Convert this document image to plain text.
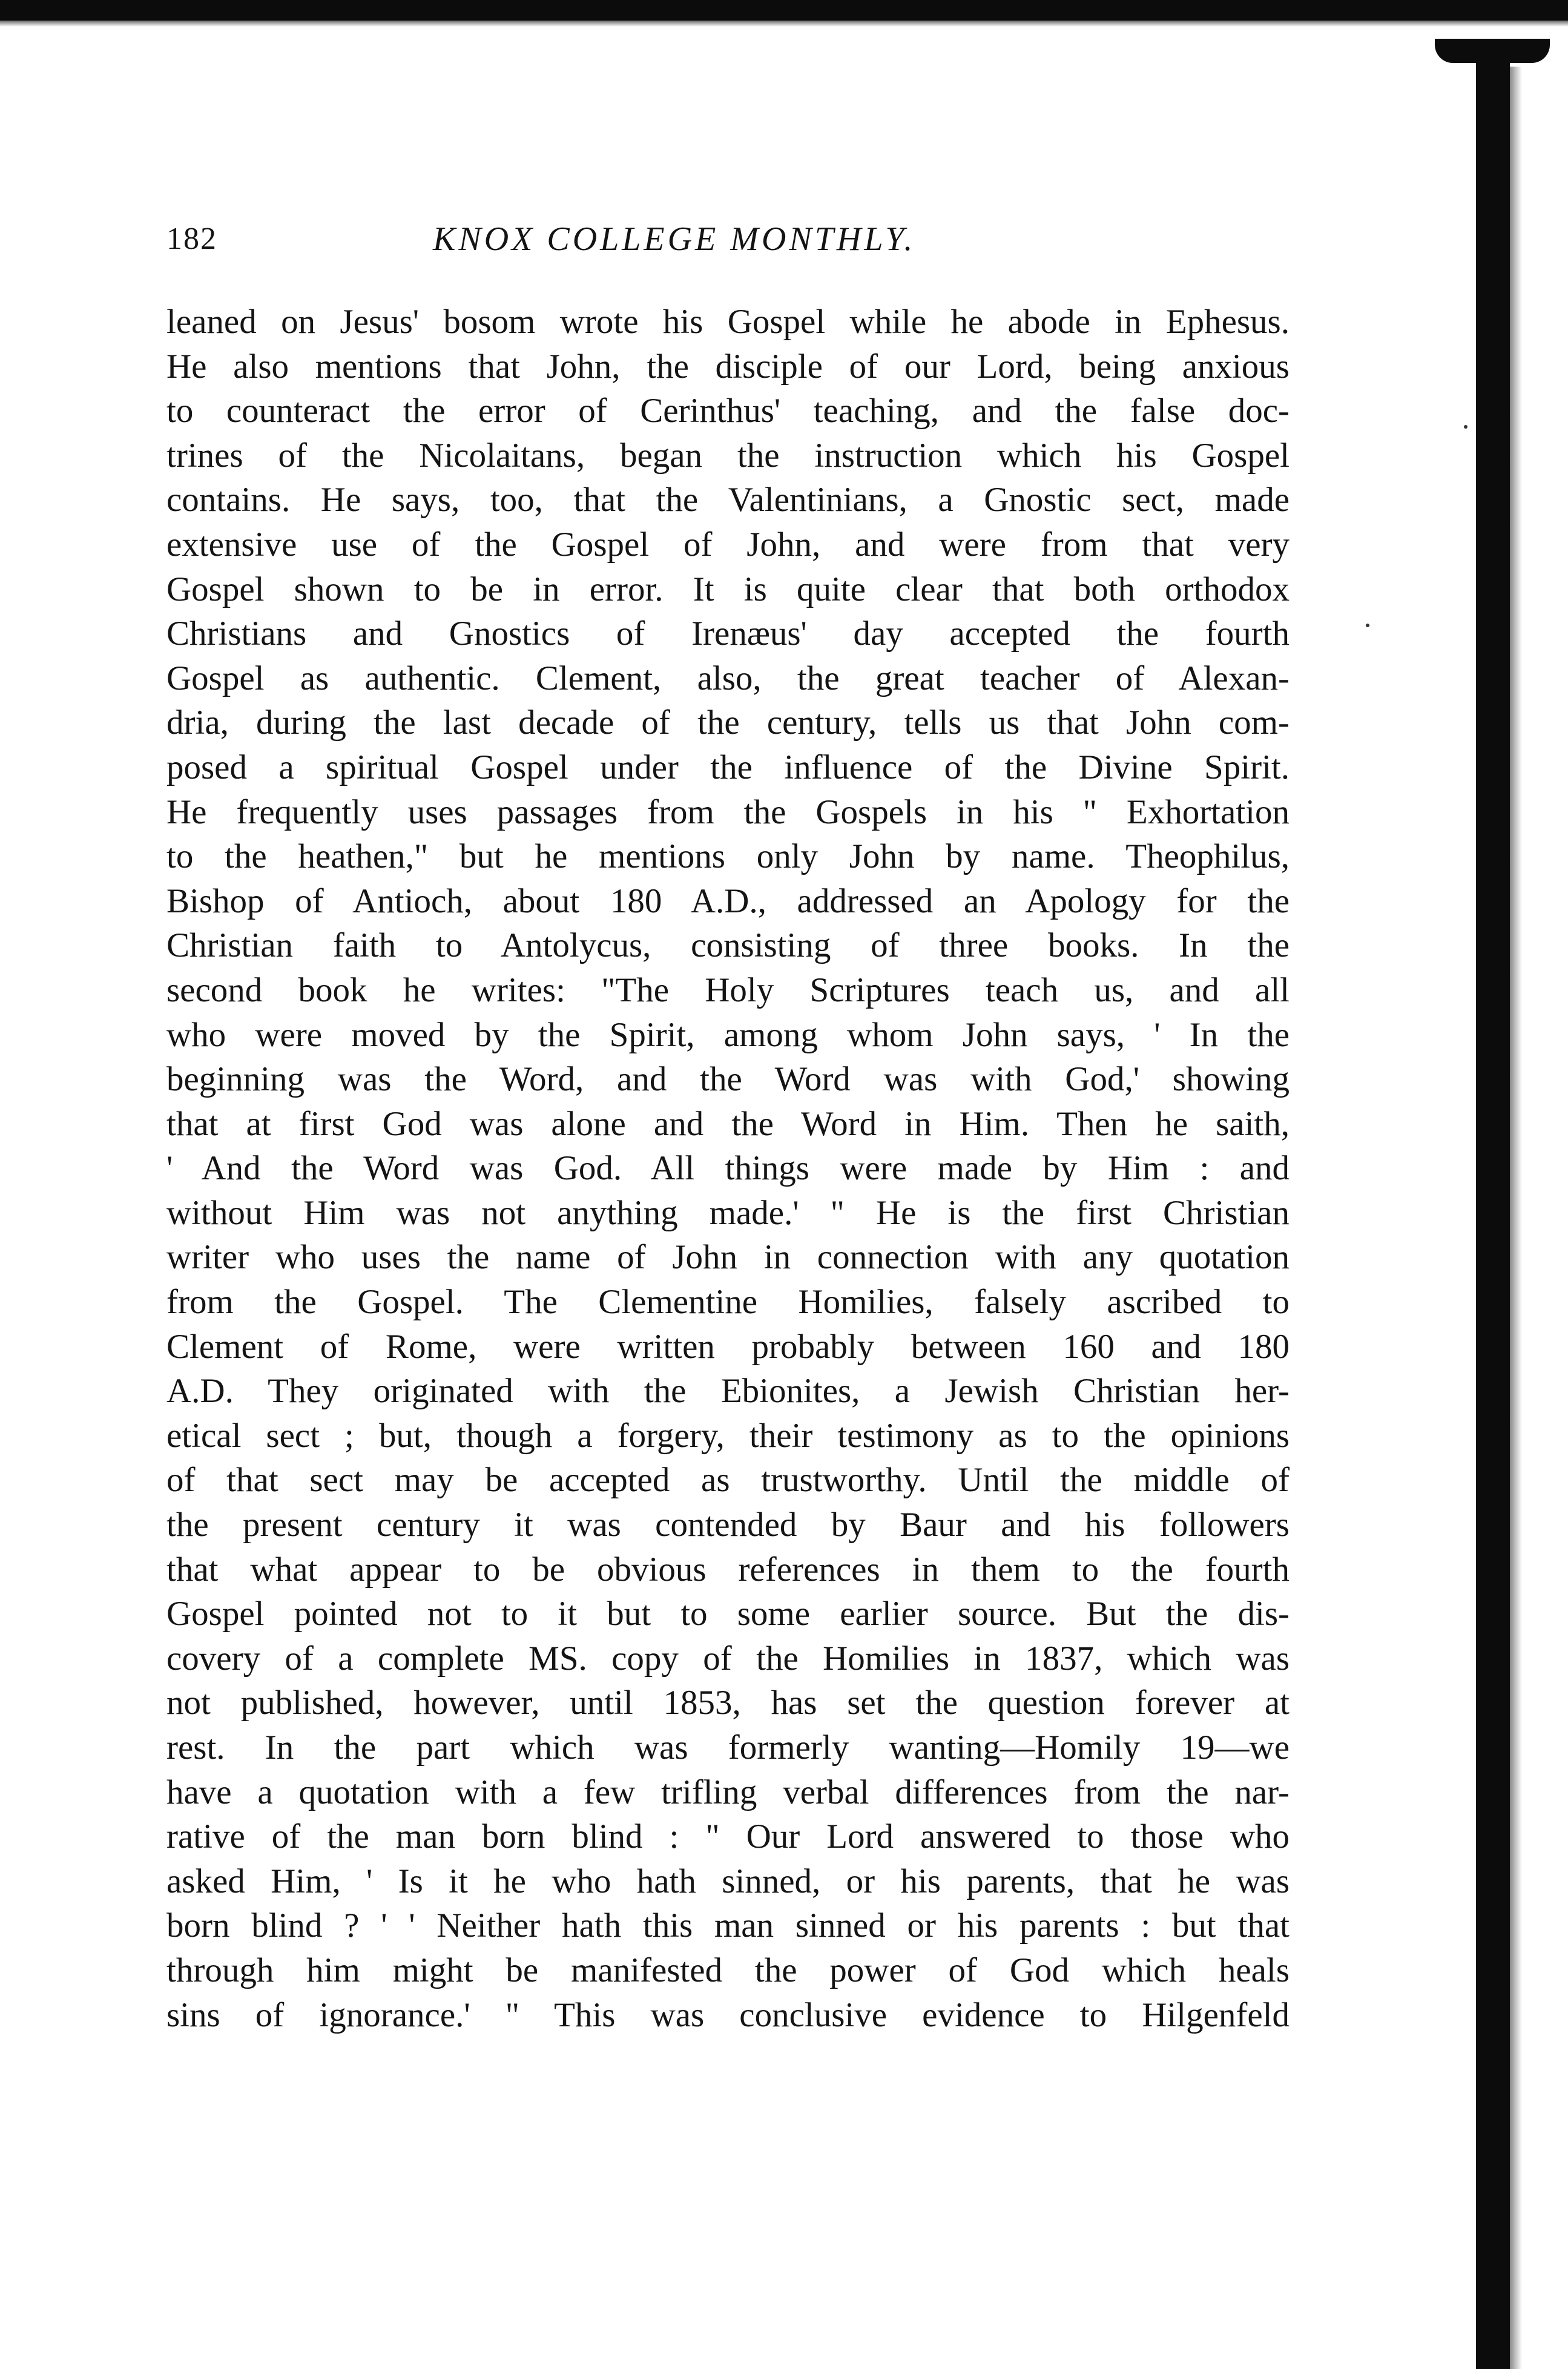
182	KNOX COLLEGE MONTHLY.
leaned on Jesus' bosom wrote his Gospel while he abode in Ephesus.
He also mentions that John, the disciple of our Lord, being anxious
to counteract the error of Cerinthus' teaching, and the false doc-
trines of the Nicolaitans, began the instruction which his Gospel
contains. He says, too, that the Valentinians, a Gnostic sect, made
extensive use of the Gospel of John, and were from that very
Gospel shown to be in error. It is quite clear that both orthodox
Christians and Gnostics of Irenæus' day accepted the fourth
Gospel as authentic. Clement, also, the great teacher of Alexan-
dria, during the last decade of the century, tells us that John com-
posed a spiritual Gospel under the influence of the Divine Spirit.
He frequently uses passages from the Gospels in his " Exhortation
to the heathen," but he mentions only John by name. Theophilus,
Bishop of Antioch, about 180 A.D., addressed an Apology for the
Christian faith to Antolycus, consisting of three books. In the
second book he writes: "The Holy Scriptures teach us, and all
who were moved by the Spirit, among whom John says, ' In the
beginning was the Word, and the Word was with God,' showing
that at first God was alone and the Word in Him. Then he saith,
' And the Word was God. All things were made by Him : and
without Him was not anything made.' " He is the first Christian
writer who uses the name of John in connection with any quotation
from the Gospel. The Clementine Homilies, falsely ascribed to
Clement of Rome, were written probably between 160 and 180
A.D. They originated with the Ebionites, a Jewish Christian her-
etical sect ; but, though a forgery, their testimony as to the opinions
of that sect may be accepted as trustworthy. Until the middle of
the present century it was contended by Baur and his followers
that what appear to be obvious references in them to the fourth
Gospel pointed not to it but to some earlier source. But the dis-
covery of a complete MS. copy of the Homilies in 1837, which was
not published, however, until 1853, has set the question forever at
rest. In the part which was formerly wanting—Homily 19—we
have a quotation with a few trifling verbal differences from the nar-
rative of the man born blind : " Our Lord answered to those who
asked Him, ' Is it he who hath sinned, or his parents, that he was
born blind ? ' ' Neither hath this man sinned or his parents : but that
through him might be manifested the power of God which heals
sins of ignorance.' " This was conclusive evidence to Hilgenfeld
